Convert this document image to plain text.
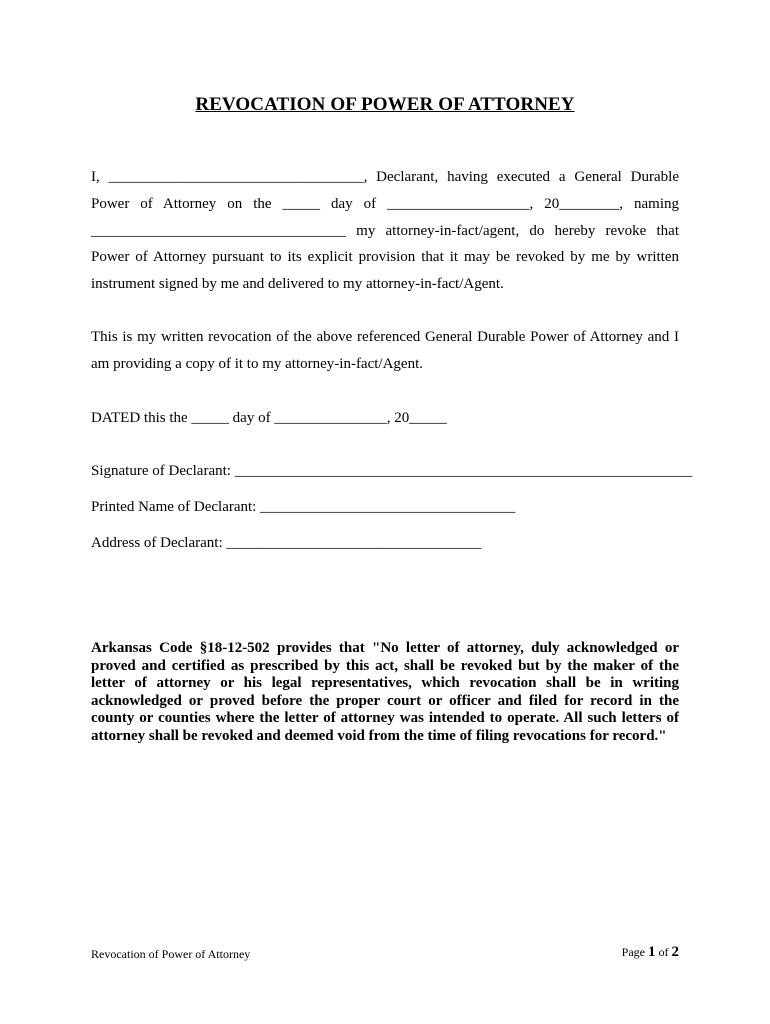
REVOCATION OF POWER OF ATTORNEY
I, __________________________________, Declarant, having executed a General Durable Power of Attorney on the _____ day of ___________________, 20________, naming __________________________________ my attorney-in-fact/agent, do hereby revoke that Power of Attorney pursuant to its explicit provision that it may be revoked by me by written instrument signed by me and delivered to my attorney-in-fact/Agent.
This is my written revocation of the above referenced General Durable Power of Attorney and I am providing a copy of it to my attorney-in-fact/Agent.
DATED this the _____ day of _______________, 20_____
Signature of Declarant: _____________________________________________________________
Printed Name of Declarant: __________________________________
Address of Declarant: __________________________________
Arkansas Code §18-12-502 provides that "No letter of attorney, duly acknowledged or proved and certified as prescribed by this act, shall be revoked but by the maker of the letter of attorney or his legal representatives, which revocation shall be in writing acknowledged or proved before the proper court or officer and filed for record in the county or counties where the letter of attorney was intended to operate. All such letters of attorney shall be revoked and deemed void from the time of filing revocations for record."
Revocation of Power of Attorney	Page 1 of 2
